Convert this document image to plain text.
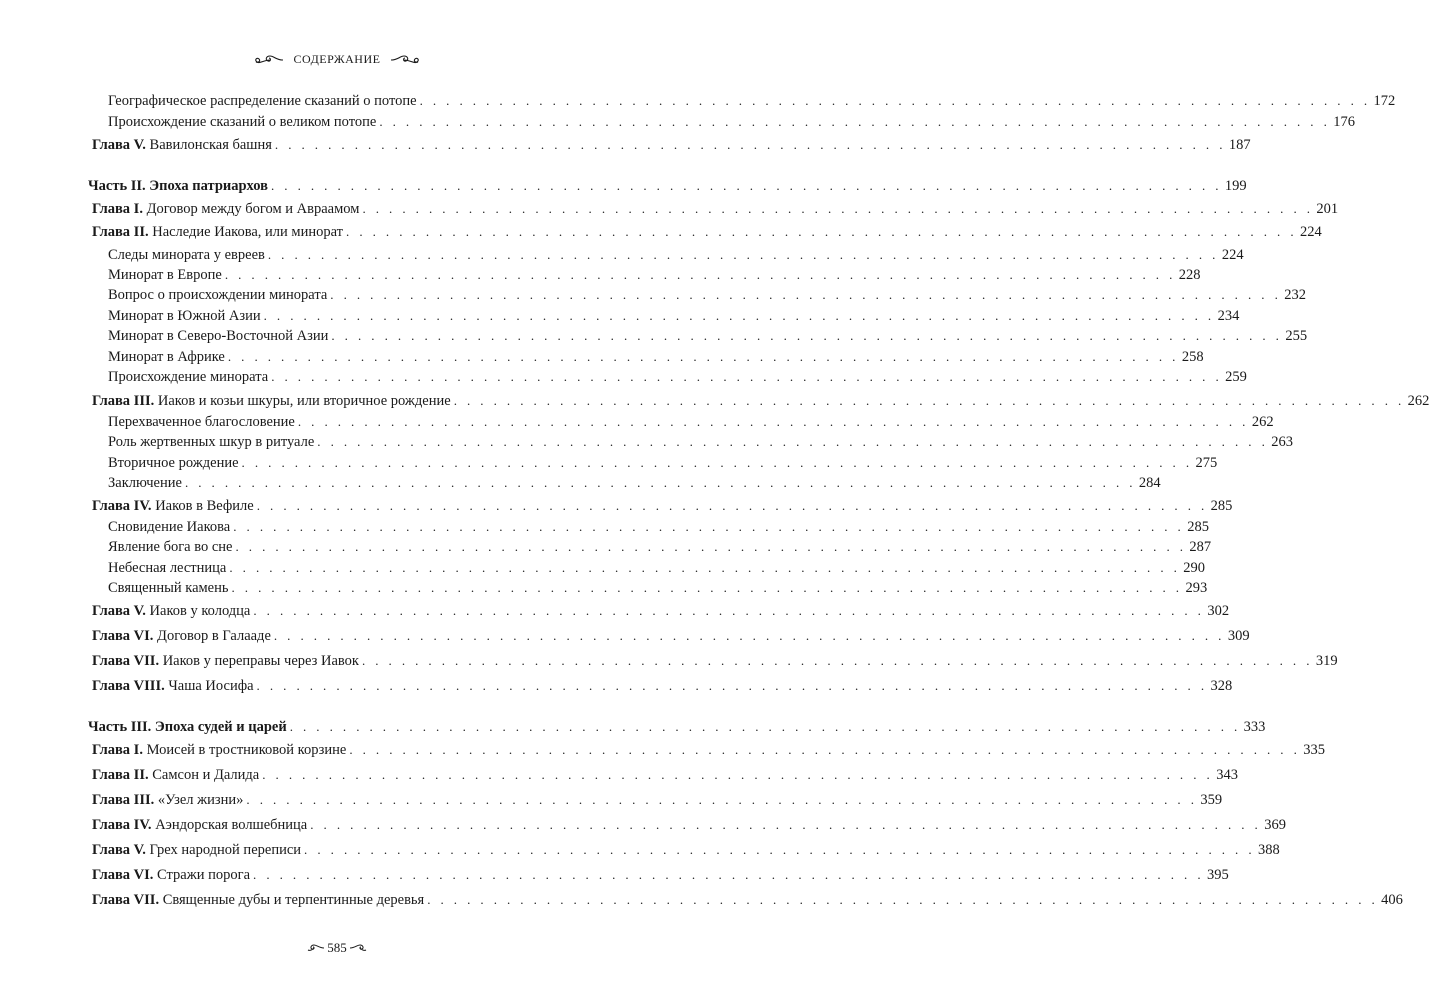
СОДЕРЖАНИЕ
Географическое распределение сказаний о потопе . . . . . . . . . . . . . . . . . . . . . . . . . . . . . . . . . . . . . . . . . . . . . . . . . . . . . . . . . . . . . . . . . . . . . . . . 172
Происхождение сказаний о великом потопе . . . . . . . . . . . . . . . . . . . . . . . . . . . . . . . . . . . . . . . . . . . . . . . . . . . . . . . . . . . . . . . . . . . . . . . . 176
Глава V. Вавилонская башня . . . . . . . . . . . . . . . . . . . . . . . . . . . . . . . . . . . . . . . . . . . . . . . . . . . . . . . . . . . . . . . . . . . . . . . . 187
Часть II. Эпоха патриархов . . . . . . . . . . . . . . . . . . . . . . . . . . . . . . . . . . . . . . . . . . . . . . . . . . . . . . . . . . . . . . . . . . . . . . . . 199
Глава I. Договор между богом и Авраамом . . . . . . . . . . . . . . . . . . . . . . . . . . . . . . . . . . . . . . . . . . . . . . . . . . . . . . . . . . . . . . . . . . . . . . . . 201
Глава II. Наследие Иакова, или минорат . . . . . . . . . . . . . . . . . . . . . . . . . . . . . . . . . . . . . . . . . . . . . . . . . . . . . . . . . . . . . . . . . . . . . . . . 224
Следы минората у евреев . . . . . . . . . . . . . . . . . . . . . . . . . . . . . . . . . . . . . . . . . . . . . . . . . . . . . . . . . . . . . . . . . . . . . . . . 224
Минорат в Европе . . . . . . . . . . . . . . . . . . . . . . . . . . . . . . . . . . . . . . . . . . . . . . . . . . . . . . . . . . . . . . . . . . . . . . . . 228
Вопрос о происхождении минората . . . . . . . . . . . . . . . . . . . . . . . . . . . . . . . . . . . . . . . . . . . . . . . . . . . . . . . . . . . . . . . . . . . . . . . . 232
Минорат в Южной Азии . . . . . . . . . . . . . . . . . . . . . . . . . . . . . . . . . . . . . . . . . . . . . . . . . . . . . . . . . . . . . . . . . . . . . . . . 234
Минорат в Северо-Восточной Азии . . . . . . . . . . . . . . . . . . . . . . . . . . . . . . . . . . . . . . . . . . . . . . . . . . . . . . . . . . . . . . . . . . . . . . . . 255
Минорат в Африке . . . . . . . . . . . . . . . . . . . . . . . . . . . . . . . . . . . . . . . . . . . . . . . . . . . . . . . . . . . . . . . . . . . . . . . . 258
Происхождение минората . . . . . . . . . . . . . . . . . . . . . . . . . . . . . . . . . . . . . . . . . . . . . . . . . . . . . . . . . . . . . . . . . . . . . . . . 259
Глава III. Иаков и козьи шкуры, или вторичное рождение . . . . . . . . . . . . . . . . . . . . . . . . . . . . . . . . . . . . . . . . . . . . . . . . . . . . . . . . . . . . . . . . . . . . . . . . 262
Перехваченное благословение . . . . . . . . . . . . . . . . . . . . . . . . . . . . . . . . . . . . . . . . . . . . . . . . . . . . . . . . . . . . . . . . . . . . . . . . 262
Роль жертвенных шкур в ритуале . . . . . . . . . . . . . . . . . . . . . . . . . . . . . . . . . . . . . . . . . . . . . . . . . . . . . . . . . . . . . . . . . . . . . . . . 263
Вторичное рождение . . . . . . . . . . . . . . . . . . . . . . . . . . . . . . . . . . . . . . . . . . . . . . . . . . . . . . . . . . . . . . . . . . . . . . . . 275
Заключение . . . . . . . . . . . . . . . . . . . . . . . . . . . . . . . . . . . . . . . . . . . . . . . . . . . . . . . . . . . . . . . . . . . . . . . . 284
Глава IV. Иаков в Вефиле . . . . . . . . . . . . . . . . . . . . . . . . . . . . . . . . . . . . . . . . . . . . . . . . . . . . . . . . . . . . . . . . . . . . . . . . 285
Сновидение Иакова . . . . . . . . . . . . . . . . . . . . . . . . . . . . . . . . . . . . . . . . . . . . . . . . . . . . . . . . . . . . . . . . . . . . . . . . 285
Явление бога во сне . . . . . . . . . . . . . . . . . . . . . . . . . . . . . . . . . . . . . . . . . . . . . . . . . . . . . . . . . . . . . . . . . . . . . . . . 287
Небесная лестница . . . . . . . . . . . . . . . . . . . . . . . . . . . . . . . . . . . . . . . . . . . . . . . . . . . . . . . . . . . . . . . . . . . . . . . . 290
Священный камень . . . . . . . . . . . . . . . . . . . . . . . . . . . . . . . . . . . . . . . . . . . . . . . . . . . . . . . . . . . . . . . . . . . . . . . . 293
Глава V. Иаков у колодца . . . . . . . . . . . . . . . . . . . . . . . . . . . . . . . . . . . . . . . . . . . . . . . . . . . . . . . . . . . . . . . . . . . . . . . . 302
Глава VI. Договор в Галааде . . . . . . . . . . . . . . . . . . . . . . . . . . . . . . . . . . . . . . . . . . . . . . . . . . . . . . . . . . . . . . . . . . . . . . . . 309
Глава VII. Иаков у переправы через Иавок . . . . . . . . . . . . . . . . . . . . . . . . . . . . . . . . . . . . . . . . . . . . . . . . . . . . . . . . . . . . . . . . . . . . . . . . 319
Глава VIII. Чаша Иосифа . . . . . . . . . . . . . . . . . . . . . . . . . . . . . . . . . . . . . . . . . . . . . . . . . . . . . . . . . . . . . . . . . . . . . . . . 328
Часть III. Эпоха судей и царей . . . . . . . . . . . . . . . . . . . . . . . . . . . . . . . . . . . . . . . . . . . . . . . . . . . . . . . . . . . . . . . . . . . . . . . . 333
Глава I. Моисей в тростниковой корзине . . . . . . . . . . . . . . . . . . . . . . . . . . . . . . . . . . . . . . . . . . . . . . . . . . . . . . . . . . . . . . . . . . . . . . . . 335
Глава II. Самсон и Далида . . . . . . . . . . . . . . . . . . . . . . . . . . . . . . . . . . . . . . . . . . . . . . . . . . . . . . . . . . . . . . . . . . . . . . . . 343
Глава III. «Узел жизни» . . . . . . . . . . . . . . . . . . . . . . . . . . . . . . . . . . . . . . . . . . . . . . . . . . . . . . . . . . . . . . . . . . . . . . . . 359
Глава IV. Аэндорская волшебница . . . . . . . . . . . . . . . . . . . . . . . . . . . . . . . . . . . . . . . . . . . . . . . . . . . . . . . . . . . . . . . . . . . . . . . . 369
Глава V. Грех народной переписи . . . . . . . . . . . . . . . . . . . . . . . . . . . . . . . . . . . . . . . . . . . . . . . . . . . . . . . . . . . . . . . . . . . . . . . . 388
Глава VI. Стражи порога . . . . . . . . . . . . . . . . . . . . . . . . . . . . . . . . . . . . . . . . . . . . . . . . . . . . . . . . . . . . . . . . . . . . . . . . 395
Глава VII. Священные дубы и терпентинные деревья . . . . . . . . . . . . . . . . . . . . . . . . . . . . . . . . . . . . . . . . . . . . . . . . . . . . . . . . . . . . . . . . . . . . . . . . 406
585
